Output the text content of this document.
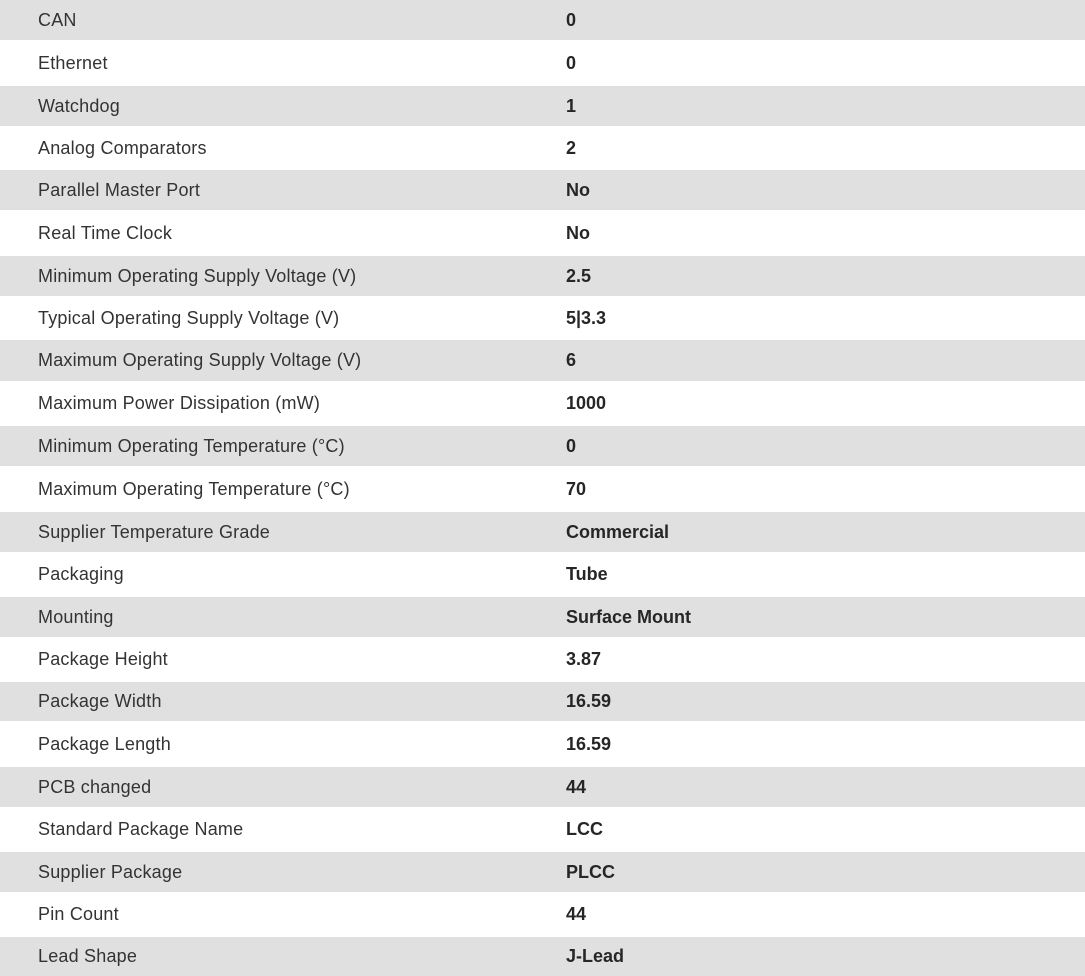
CAN	0
Ethernet	0
Watchdog	1
Analog Comparators	2
Parallel Master Port	No
Real Time Clock	No
Minimum Operating Supply Voltage (V)	2.5
Typical Operating Supply Voltage (V)	5|3.3
Maximum Operating Supply Voltage (V)	6
Maximum Power Dissipation (mW)	1000
Minimum Operating Temperature (°C)	0
Maximum Operating Temperature (°C)	70
Supplier Temperature Grade	Commercial
Packaging	Tube
Mounting	Surface Mount
Package Height	3.87
Package Width	16.59
Package Length	16.59
PCB changed	44
Standard Package Name	LCC
Supplier Package	PLCC
Pin Count	44
Lead Shape	J-Lead
